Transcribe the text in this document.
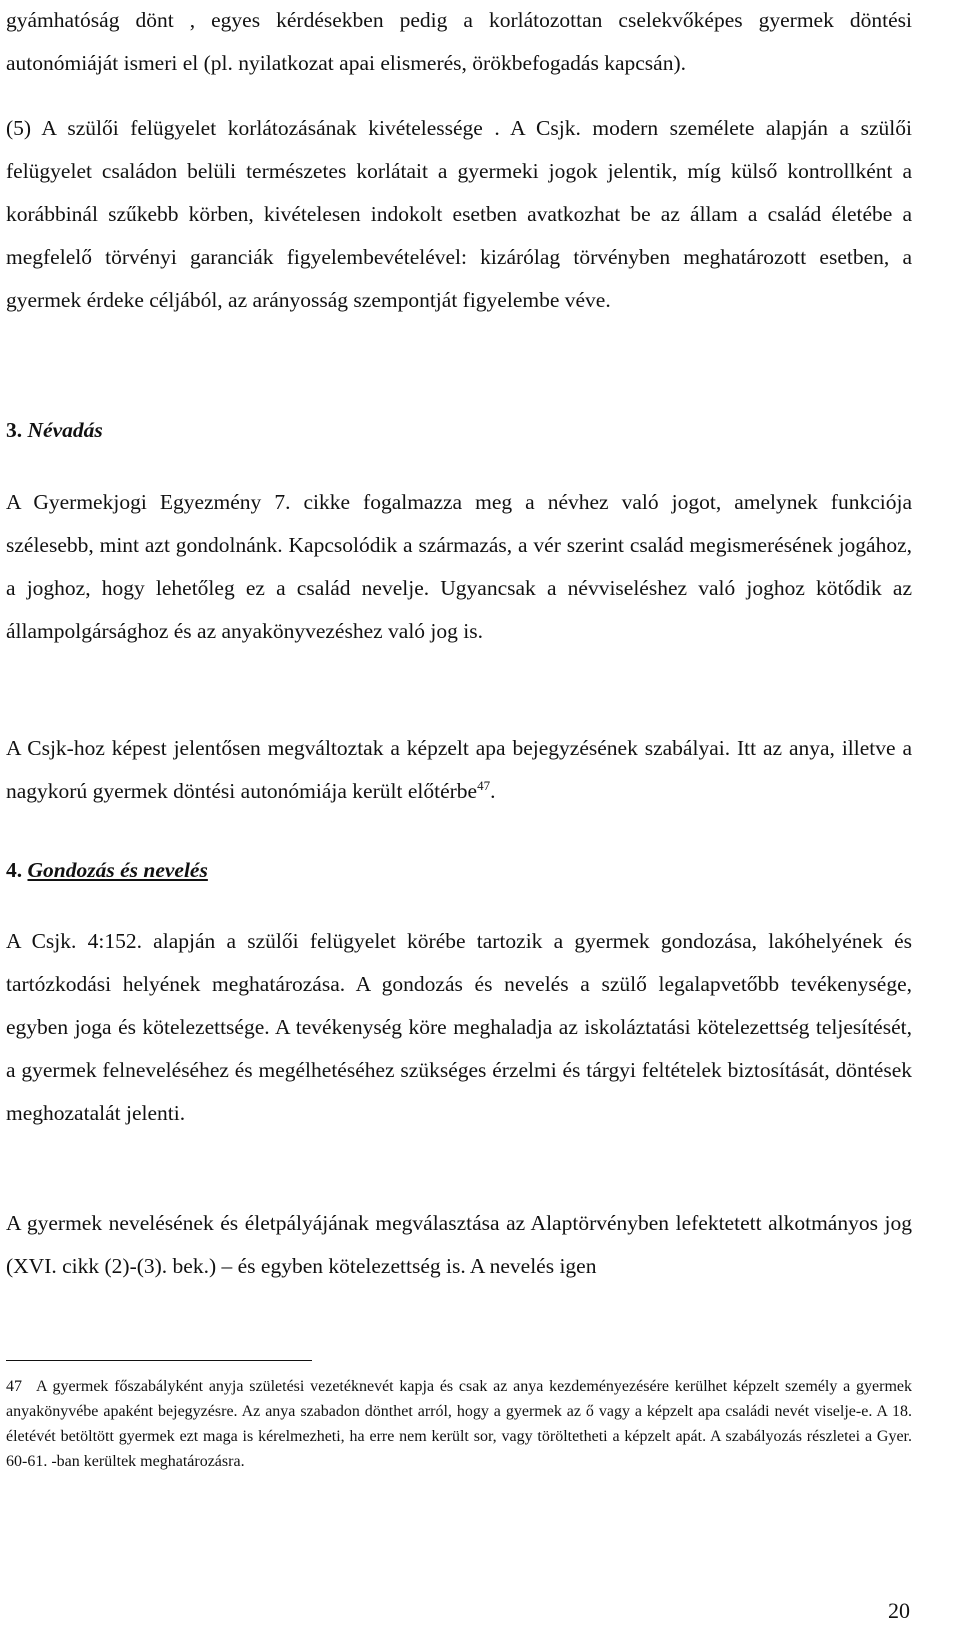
gyámhatóság dönt , egyes kérdésekben pedig a korlátozottan cselekvőképes gyermek döntési autonómiáját ismeri el (pl. nyilatkozat apai elismerés, örökbefogadás kapcsán).

(5) A szülői felügyelet korlátozásának kivételessége . A Csjk. modern személete alapján a szülői felügyelet családon belüli természetes korlátait a gyermeki jogok jelentik, míg külső kontrollként a korábbinál szűkebb körben, kivételesen indokolt esetben avatkozhat be az állam a család életébe a megfelelő törvényi garanciák figyelembevételével: kizárólag törvényben meghatározott esetben, a gyermek érdeke céljából, az arányosság szempontját figyelembe véve.

3. Névadás

A Gyermekjogi Egyezmény 7. cikke fogalmazza meg a névhez való jogot, amelynek funkciója szélesebb, mint azt gondolnánk. Kapcsolódik a származás, a vér szerint család megismerésének jogához, a joghoz, hogy lehetőleg ez a család nevelje. Ugyancsak a névviseléshez való joghoz kötődik az állampolgársághoz és az anyakönyvezéshez való jog is.

A Csjk-hoz képest jelentősen megváltoztak a képzelt apa bejegyzésének szabályai. Itt az anya, illetve a nagykorú gyermek döntési autonómiája került előtérbe$^{47}$.

4. Gondozás és nevelés

A Csjk. 4:152. alapján a szülői felügyelet körébe tartozik a gyermek gondozása, lakóhelyének és tartózkodási helyének meghatározása. A gondozás és nevelés a szülő legalapvetőbb tevékenysége, egyben joga és kötelezettsége. A tevékenység köre meghaladja az iskoláztatási kötelezettség teljesítését, a gyermek felneveléséhez és megélhetéséhez szükséges érzelmi és tárgyi feltételek biztosítását, döntések meghozatalát jelenti.

A gyermek nevelésének és életpályájának megválasztása az Alaptörvényben lefektetett alkotmányos jog (XVI. cikk (2)-(3). bek.) – és egyben kötelezettség is. A nevelés igen

47 A gyermek főszabályként anyja születési vezetéknevét kapja és csak az anya kezdeményezésére kerülhet képzelt személy a gyermek anyakönyvébe apaként bejegyzésre. Az anya szabadon dönthet arról, hogy a gyermek az ő vagy a képzelt apa családi nevét viselje-e. A 18. életévét betöltött gyermek ezt maga is kérelmezheti, ha erre nem került sor, vagy töröltetheti a képzelt apát. A szabályozás részletei a Gyer. 60-61. -ban kerültek meghatározásra.

20
